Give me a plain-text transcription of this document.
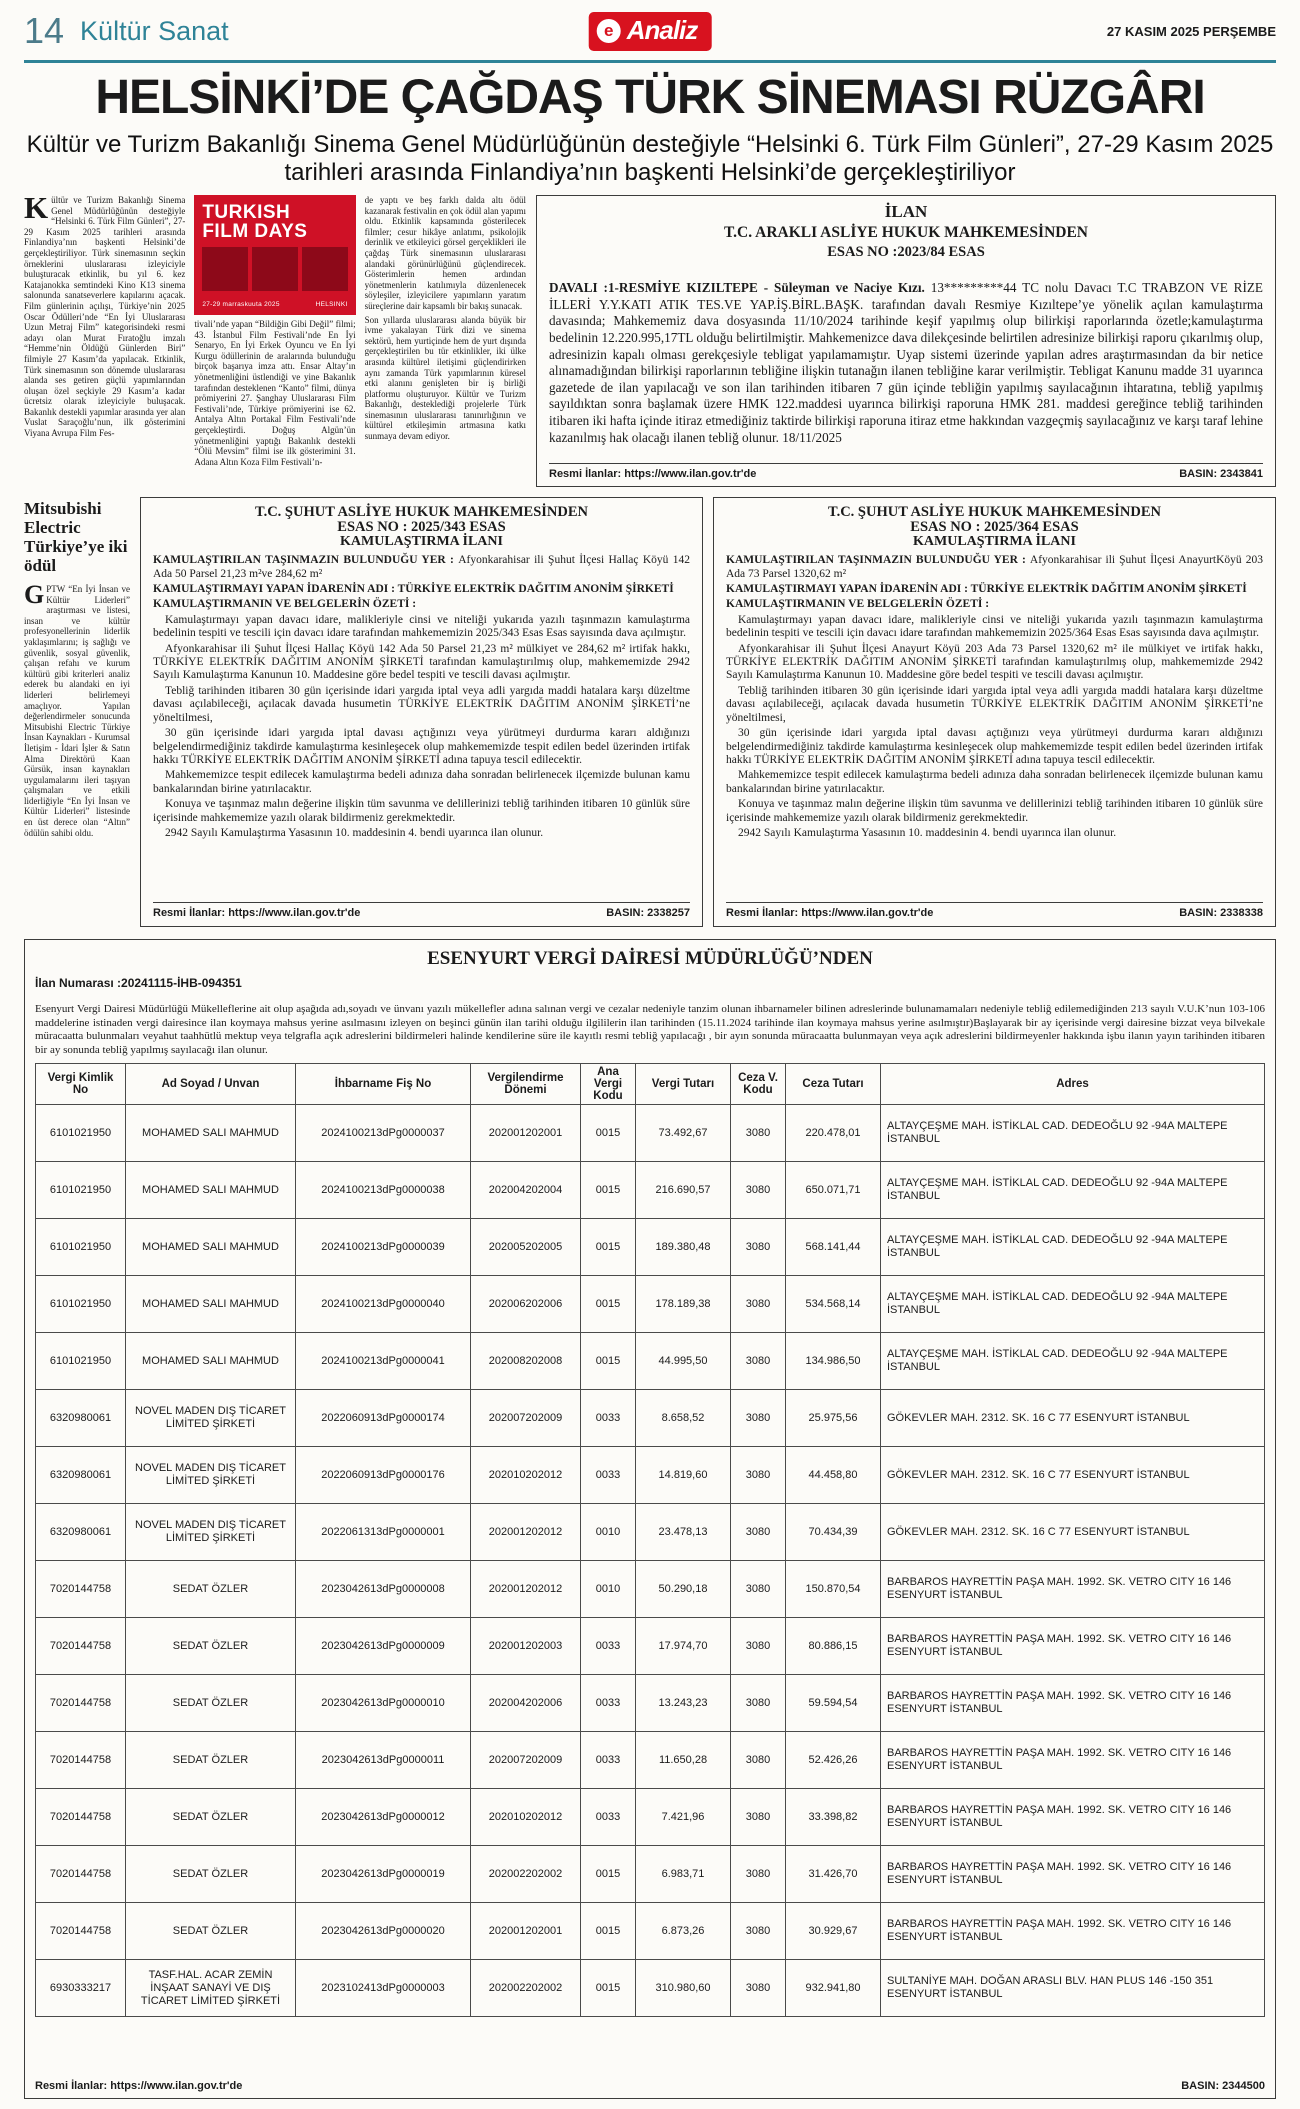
14 Kültür Sanat	e Analiz	27 KASIM 2025 PERŞEMBE
HELSİNKİ’DE ÇAĞDAŞ TÜRK SİNEMASI RÜZGÂRI
Kültür ve Turizm Bakanlığı Sinema Genel Müdürlüğünün desteğiyle “Helsinki 6. Türk Film Günleri”, 27-29 Kasım 2025 tarihleri arasında Finlandiya’nın başkenti Helsinki’de gerçekleştiriliyor

Kültür ve Turizm Bakanlığı Sinema Genel Müdürlüğünün desteğiyle “Helsinki 6. Türk Film Günleri”, 27-29 Kasım 2025 tarihleri arasında Finlandiya’nın başkenti Helsinki’de gerçekleştiriliyor. Türk sinemasının seçkin örneklerini uluslararası izleyiciyle buluşturacak etkinlik, bu yıl 6. kez Katajanokka semtindeki Kino K13 sinema salonunda sanatseverlere kapılarını açacak. Film günlerinin açılışı, Türkiye’nin 2025 Oscar Ödülleri’nde “En İyi Uluslararası Uzun Metraj Film” kategorisindeki resmi adayı olan Murat Fıratoğlu imzalı “Hemme’nin Öldüğü Günlerden Biri” filmiyle 27 Kasım’da yapılacak. Etkinlik, Türk sinemasının son dönemde uluslararası alanda ses getiren güçlü yapımlarından oluşan özel seçkiyle 29 Kasım’a kadar ücretsiz olarak izleyiciyle buluşacak. Bakanlık destekli yapımlar arasında yer alan Vuslat Saraçoğlu’nun, ilk gösterimini Viyana Avrupa Film Fes-

TURKISH
FILM DAYS
27-29 marraskuuta 2025	HELSINKI

tivali’nde yapan “Bildiğin Gibi Değil” filmi; 43. İstanbul Film Festivali’nde En İyi Senaryo, En İyi Erkek Oyuncu ve En İyi Kurgu ödüllerinin de aralarında bulunduğu birçok başarıya imza attı. Ensar Altay’ın yönetmenliğini üstlendiği ve yine Bakanlık tarafından desteklenen “Kanto” filmi, dünya prömiyerini 27. Şanghay Uluslararası Film Festivali’nde, Türkiye prömiyerini ise 62. Antalya Altın Portakal Film Festivali’nde gerçekleştirdi. Doğuş Algün’ün yönetmenliğini yaptığı Bakanlık destekli “Ölü Mevsim” filmi ise ilk gösterimini 31. Adana Altın Koza Film Festivali’n-

de yaptı ve beş farklı dalda altı ödül kazanarak festivalin en çok ödül alan yapımı oldu. Etkinlik kapsamında gösterilecek filmler; cesur hikâye anlatımı, psikolojik derinlik ve etkileyici görsel gerçeklikleri ile çağdaş Türk sinemasının uluslararası alandaki görünürlüğünü güçlendirecek. Gösterimlerin hemen ardından yönetmenlerin katılımıyla düzenlenecek söyleşiler, izleyicilere yapımların yaratım süreçlerine dair kapsamlı bir bakış sunacak.

Son yıllarda uluslararası alanda büyük bir ivme yakalayan Türk dizi ve sinema sektörü, hem yurtiçinde hem de yurt dışında gerçekleştirilen bu tür etkinlikler, iki ülke arasında kültürel iletişimi güçlendirirken aynı zamanda Türk yapımlarının küresel etki alanını genişleten bir iş birliği platformu oluşturuyor. Kültür ve Turizm Bakanlığı, desteklediği projelerle Türk sinemasının uluslararası tanınırlığının ve kültürel etkileşimin artmasına katkı sunmaya devam ediyor.

İLAN
T.C. ARAKLI ASLİYE HUKUK MAHKEMESİNDEN
ESAS NO :2023/84 ESAS

DAVALI :1-RESMİYE KIZILTEPE - Süleyman ve Naciye Kızı. 13*********44 TC nolu Davacı T.C TRABZON VE RİZE İLLERİ Y.Y.KATI ATIK TES.VE YAP.İŞ.BİRL.BAŞK. tarafından davalı Resmiye Kızıltepe’ye yönelik açılan kamulaştırma davasında; Mahkememiz dava dosyasında 11/10/2024 tarihinde keşif yapılmış olup bilirkişi raporlarında özetle;kamulaştırma bedelinin 12.220.995,17TL olduğu belirtilmiştir. Mahkemenizce dava dilekçesinde belirtilen adresinize bilirkişi raporu çıkarılmış olup, adresinizin kapalı olması gerekçesiyle tebligat yapılamamıştır. Uyap sistemi üzerinde yapılan adres araştırmasından da bir netice alınamadığından bilirkişi raporlarının tebliğine ilişkin tutanağın ilanen tebliğine karar verilmiştir. Tebligat Kanunu madde 31 uyarınca gazetede de ilan yapılacağı ve son ilan tarihinden itibaren 7 gün içinde tebliğin yapılmış sayılacağının ihtaratına, tebliğ yapılmış sayıldıktan sonra başlamak üzere HMK 122.maddesi uyarınca bilirkişi raporuna HMK 281. maddesi gereğince tebliğ tarihinden itibaren iki hafta içinde itiraz etmediğiniz taktirde bilirkişi raporuna itiraz etme hakkından vazgeçmiş sayılacağınız ve karşı taraf lehine kazanılmış hak olacağı ilanen tebliğ olunur. 18/11/2025

Resmi İlanlar: https://www.ilan.gov.tr'de	BASIN: 2343841
Mitsubishi Electric Türkiye’ye iki ödül

GPTW “En İyi İnsan ve Kültür Liderleri” araştırması ve listesi, insan ve kültür profesyonellerinin liderlik yaklaşımlarını; iş sağlığı ve güvenlik, sosyal güvenlik, çalışan refahı ve kurum kültürü gibi kriterleri analiz ederek bu alandaki en iyi liderleri belirlemeyi amaçlıyor. Yapılan değerlendirmeler sonucunda Mitsubishi Electric Türkiye İnsan Kaynakları - Kurumsal İletişim - İdari İşler & Satın Alma Direktörü Kaan Gürsük, insan kaynakları uygulamalarını ileri taşıyan çalışmaları ve etkili liderliğiyle “En İyi İnsan ve Kültür Liderleri” listesinde en üst derece olan “Altın” ödülün sahibi oldu.

T.C. ŞUHUT ASLİYE HUKUK MAHKEMESİNDEN
ESAS NO : 2025/343 ESAS
KAMULAŞTIRMA İLANI

KAMULAŞTIRILAN TAŞINMAZIN BULUNDUĞU YER : Afyonkarahisar ili Şuhut İlçesi Hallaç Köyü 142 Ada 50 Parsel 21,23 m²ve 284,62 m²

KAMULAŞTIRMAYI YAPAN İDARENİN ADI : TÜRKİYE ELEKTRİK DAĞITIM ANONİM ŞİRKETİ

KAMULAŞTIRMANIN VE BELGELERİN ÖZETİ :

Kamulaştırmayı yapan davacı idare, malikleriyle cinsi ve niteliği yukarıda yazılı taşınmazın kamulaştırma bedelinin tespiti ve tescili için davacı idare tarafından mahkememizin 2025/343 Esas Esas sayısında dava açılmıştır.

Afyonkarahisar ili Şuhut İlçesi Hallaç Köyü 142 Ada 50 Parsel 21,23 m² mülkiyet ve 284,62 m² irtifak hakkı, TÜRKİYE ELEKTRİK DAĞITIM ANONİM ŞİRKETİ tarafından kamulaştırılmış olup, mahkememizde 2942 Sayılı Kamulaştırma Kanunun 10. Maddesine göre bedel tespiti ve tescili davası açılmıştır.

Tebliğ tarihinden itibaren 30 gün içerisinde idari yargıda iptal veya adli yargıda maddi hatalara karşı düzeltme davası açılabileceği, açılacak davada husumetin TÜRKİYE ELEKTRİK DAĞITIM ANONİM ŞİRKETİ’ne yöneltilmesi,

30 gün içerisinde idari yargıda iptal davası açtığınızı veya yürütmeyi durdurma kararı aldığınızı belgelendirmediğiniz takdirde kamulaştırma kesinleşecek olup mahkememizde tespit edilen bedel üzerinden irtifak hakkı TÜRKİYE ELEKTRİK DAĞITIM ANONİM ŞİRKETİ adına tapuya tescil edilecektir.

Mahkememizce tespit edilecek kamulaştırma bedeli adınıza daha sonradan belirlenecek ilçemizde bulunan kamu bankalarından birine yatırılacaktır.

Konuya ve taşınmaz malın değerine ilişkin tüm savunma ve delillerinizi tebliğ tarihinden itibaren 10 günlük süre içerisinde mahkememize yazılı olarak bildirmeniz gerekmektedir.

2942 Sayılı Kamulaştırma Yasasının 10. maddesinin 4. bendi uyarınca ilan olunur.

Resmi İlanlar: https://www.ilan.gov.tr'de	BASIN: 2338257
T.C. ŞUHUT ASLİYE HUKUK MAHKEMESİNDEN
ESAS NO : 2025/364 ESAS
KAMULAŞTIRMA İLANI

KAMULAŞTIRILAN TAŞINMAZIN BULUNDUĞU YER : Afyonkarahisar ili Şuhut İlçesi AnayurtKöyü 203 Ada 73 Parsel 1320,62 m²

KAMULAŞTIRMAYI YAPAN İDARENİN ADI : TÜRKİYE ELEKTRİK DAĞITIM ANONİM ŞİRKETİ

KAMULAŞTIRMANIN VE BELGELERİN ÖZETİ :

Kamulaştırmayı yapan davacı idare, malikleriyle cinsi ve niteliği yukarıda yazılı taşınmazın kamulaştırma bedelinin tespiti ve tescili için davacı idare tarafından mahkememizin 2025/364 Esas Esas sayısında dava açılmıştır.

Afyonkarahisar ili Şuhut İlçesi Anayurt Köyü 203 Ada 73 Parsel 1320,62 m² ile mülkiyet ve irtifak hakkı, TÜRKİYE ELEKTRİK DAĞITIM ANONİM ŞİRKETİ tarafından kamulaştırılmış olup, mahkememizde 2942 Sayılı Kamulaştırma Kanunun 10. Maddesine göre bedel tespiti ve tescili davası açılmıştır.

Tebliğ tarihinden itibaren 30 gün içerisinde idari yargıda iptal veya adli yargıda maddi hatalara karşı düzeltme davası açılabileceği, açılacak davada husumetin TÜRKİYE ELEKTRİK DAĞITIM ANONİM ŞİRKETİ’ne yöneltilmesi,

30 gün içerisinde idari yargıda iptal davası açtığınızı veya yürütmeyi durdurma kararı aldığınızı belgelendirmediğiniz takdirde kamulaştırma kesinleşecek olup mahkememizde tespit edilen bedel üzerinden irtifak hakkı TÜRKİYE ELEKTRİK DAĞITIM ANONİM ŞİRKETİ adına tapuya tescil edilecektir.

Mahkememizce tespit edilecek kamulaştırma bedeli adınıza daha sonradan belirlenecek ilçemizde bulunan kamu bankalarından birine yatırılacaktır.

Konuya ve taşınmaz malın değerine ilişkin tüm savunma ve delillerinizi tebliğ tarihinden itibaren 10 günlük süre içerisinde mahkememize yazılı olarak bildirmeniz gerekmektedir.

2942 Sayılı Kamulaştırma Yasasının 10. maddesinin 4. bendi uyarınca ilan olunur.

Resmi İlanlar: https://www.ilan.gov.tr'de	BASIN: 2338338
ESENYURT VERGİ DAİRESİ MÜDÜRLÜĞÜ’NDEN
İlan Numarası :20241115-İHB-094351

Esenyurt Vergi Dairesi Müdürlüğü Mükelleflerine ait olup aşağıda adı,soyadı ve ünvanı yazılı mükellefler adına salınan vergi ve cezalar nedeniyle tanzim olunan ihbarnameler bilinen adreslerinde bulunamamaları nedeniyle tebliğ edilemediğinden 213 sayılı V.U.K’nun 103-106 maddelerine istinaden vergi dairesince ilan koymaya mahsus yerine asılmasını izleyen on beşinci günün ilan tarihi olduğu ilgililerin ilan tarihinden (15.11.2024 tarihinde ilan koymaya mahsus yerine asılmıştır)Başlayarak bir ay içerisinde vergi dairesine bizzat veya bilvekale müracaatta bulunmaları veyahut taahhütlü mektup veya telgrafla açık adreslerini bildirmeleri halinde kendilerine süre ile kayıtlı resmi tebliğ yapılacağı , bir ayın sonunda müracaatta bulunmayan veya açık adreslerini bildirmeyenler hakkında işbu ilanın yayın tarihinden itibaren bir ay sonunda tebliğ yapılmış sayılacağı ilan olunur.

Vergi Kimlik No	Ad Soyad / Unvan	İhbarname Fiş No	Vergilendirme Dönemi	Ana Vergi Kodu	Vergi Tutarı	Ceza V. Kodu	Ceza Tutarı	Adres
6101021950	MOHAMED SALI MAHMUD	2024100213dPg0000037	202001202001	0015	73.492,67	3080	220.478,01	ALTAYÇEŞME MAH. İSTİKLAL CAD. DEDEOĞLU 92 -94A MALTEPE İSTANBUL
6101021950	MOHAMED SALI MAHMUD	2024100213dPg0000038	202004202004	0015	216.690,57	3080	650.071,71	ALTAYÇEŞME MAH. İSTİKLAL CAD. DEDEOĞLU 92 -94A MALTEPE İSTANBUL
6101021950	MOHAMED SALI MAHMUD	2024100213dPg0000039	202005202005	0015	189.380,48	3080	568.141,44	ALTAYÇEŞME MAH. İSTİKLAL CAD. DEDEOĞLU 92 -94A MALTEPE İSTANBUL
6101021950	MOHAMED SALI MAHMUD	2024100213dPg0000040	202006202006	0015	178.189,38	3080	534.568,14	ALTAYÇEŞME MAH. İSTİKLAL CAD. DEDEOĞLU 92 -94A MALTEPE İSTANBUL
6101021950	MOHAMED SALI MAHMUD	2024100213dPg0000041	202008202008	0015	44.995,50	3080	134.986,50	ALTAYÇEŞME MAH. İSTİKLAL CAD. DEDEOĞLU 92 -94A MALTEPE İSTANBUL
6320980061	NOVEL MADEN DIŞ TİCARET LİMİTED ŞİRKETİ	2022060913dPg0000174	202007202009	0033	8.658,52	3080	25.975,56	GÖKEVLER MAH. 2312. SK. 16 C 77 ESENYURT İSTANBUL
6320980061	NOVEL MADEN DIŞ TİCARET LİMİTED ŞİRKETİ	2022060913dPg0000176	202010202012	0033	14.819,60	3080	44.458,80	GÖKEVLER MAH. 2312. SK. 16 C 77 ESENYURT İSTANBUL
6320980061	NOVEL MADEN DIŞ TİCARET LİMİTED ŞİRKETİ	2022061313dPg0000001	202001202012	0010	23.478,13	3080	70.434,39	GÖKEVLER MAH. 2312. SK. 16 C 77 ESENYURT İSTANBUL
7020144758	SEDAT ÖZLER	2023042613dPg0000008	202001202012	0010	50.290,18	3080	150.870,54	BARBAROS HAYRETTİN PAŞA MAH. 1992. SK. VETRO CITY 16 146 ESENYURT İSTANBUL
7020144758	SEDAT ÖZLER	2023042613dPg0000009	202001202003	0033	17.974,70	3080	80.886,15	BARBAROS HAYRETTİN PAŞA MAH. 1992. SK. VETRO CITY 16 146 ESENYURT İSTANBUL
7020144758	SEDAT ÖZLER	2023042613dPg0000010	202004202006	0033	13.243,23	3080	59.594,54	BARBAROS HAYRETTİN PAŞA MAH. 1992. SK. VETRO CITY 16 146 ESENYURT İSTANBUL
7020144758	SEDAT ÖZLER	2023042613dPg0000011	202007202009	0033	11.650,28	3080	52.426,26	BARBAROS HAYRETTİN PAŞA MAH. 1992. SK. VETRO CITY 16 146 ESENYURT İSTANBUL
7020144758	SEDAT ÖZLER	2023042613dPg0000012	202010202012	0033	7.421,96	3080	33.398,82	BARBAROS HAYRETTİN PAŞA MAH. 1992. SK. VETRO CITY 16 146 ESENYURT İSTANBUL
7020144758	SEDAT ÖZLER	2023042613dPg0000019	202002202002	0015	6.983,71	3080	31.426,70	BARBAROS HAYRETTİN PAŞA MAH. 1992. SK. VETRO CITY 16 146 ESENYURT İSTANBUL
7020144758	SEDAT ÖZLER	2023042613dPg0000020	202001202001	0015	6.873,26	3080	30.929,67	BARBAROS HAYRETTİN PAŞA MAH. 1992. SK. VETRO CITY 16 146 ESENYURT İSTANBUL
6930333217	TASF.HAL. ACAR ZEMİN İNŞAAT SANAYİ VE DIŞ TİCARET LİMİTED ŞİRKETİ	2023102413dPg0000003	202002202002	0015	310.980,60	3080	932.941,80	SULTANİYE MAH. DOĞAN ARASLI BLV. HAN PLUS 146 -150 351 ESENYURT İSTANBUL
Resmi İlanlar: https://www.ilan.gov.tr'de	BASIN: 2344500
